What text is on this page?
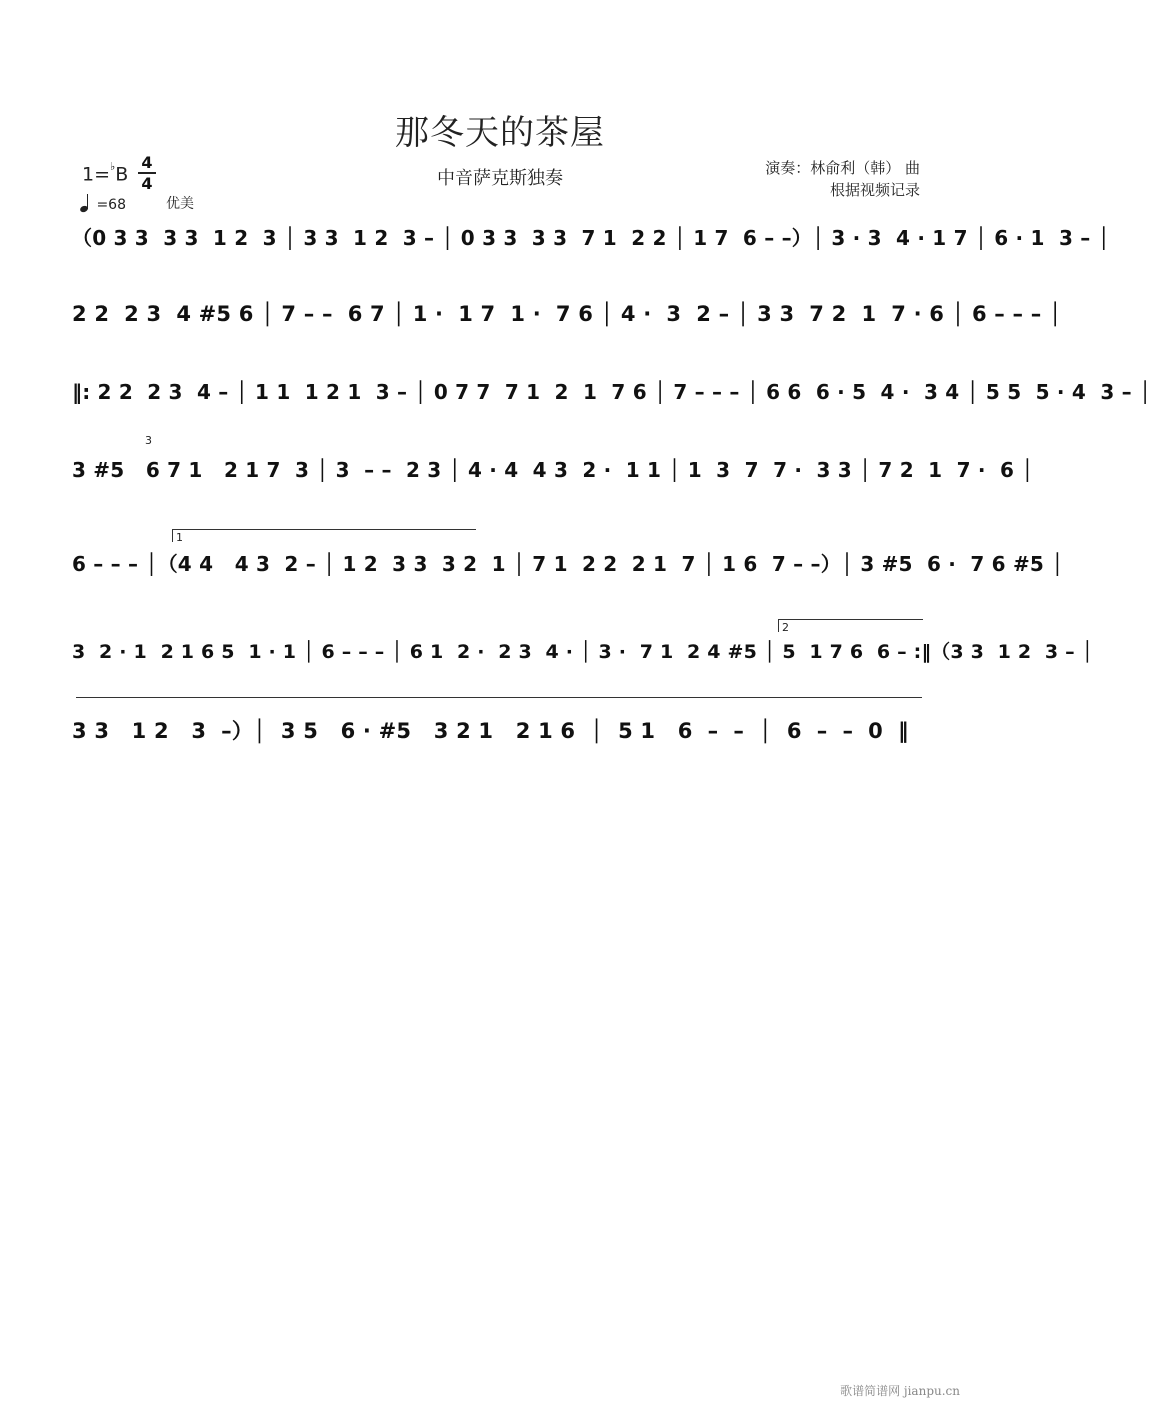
那冬天的茶屋
中音萨克斯独奏	演奏：林俞利（韩） 曲
根据视频记录
1=♭B
4
4
=68	优美
（0 3 3  3 3  1 2  3 │ 3 3  1 2  3 – │ 0 3 3  3 3  7 1  2 2 │ 1 7  6 – –）│ 3 · 3  4 · 1 7 │ 6 · 1  3 – │
2 2  2 3  4 #5 6 │ 7 – –  6 7 │ 1 ·  1 7  1 ·  7 6 │ 4 ·  3  2 – │ 3 3  7 2  1  7 · 6 │ 6 – – – │
‖: 2 2  2 3  4 – │ 1 1  1 2 1  3 – │ 0 7 7  7 1  2  1  7 6 │ 7 – – – │ 6 6  6 · 5  4 ·  3 4 │ 5 5  5 · 4  3 – │
3
3 #5   6 7 1   2 1 7  3 │ 3  – –  2 3 │ 4 · 4  4 3  2 ·  1 1 │ 1  3  7  7 ·  3 3 │ 7 2  1  7 ·  6 │
1
6 – – – │（4 4   4 3  2 – │ 1 2  3 3  3 2  1 │ 7 1  2 2  2 1  7 │ 1 6  7 – –）│ 3 #5  6 ·  7 6 #5 │
2
3  2 · 1  2 1 6 5  1 · 1 │ 6 – – – │ 6 1  2 ·  2 3  4 · │ 3 ·  7 1  2 4 #5 │ 5  1 7 6  6 – :‖（3 3  1 2  3 – │
3 3   1 2   3  –）│  3 5   6 · #5   3 2 1   2 1 6  │  5 1   6  –  –  │  6  –  –  0  ‖
歌谱简谱网 jianpu.cn
